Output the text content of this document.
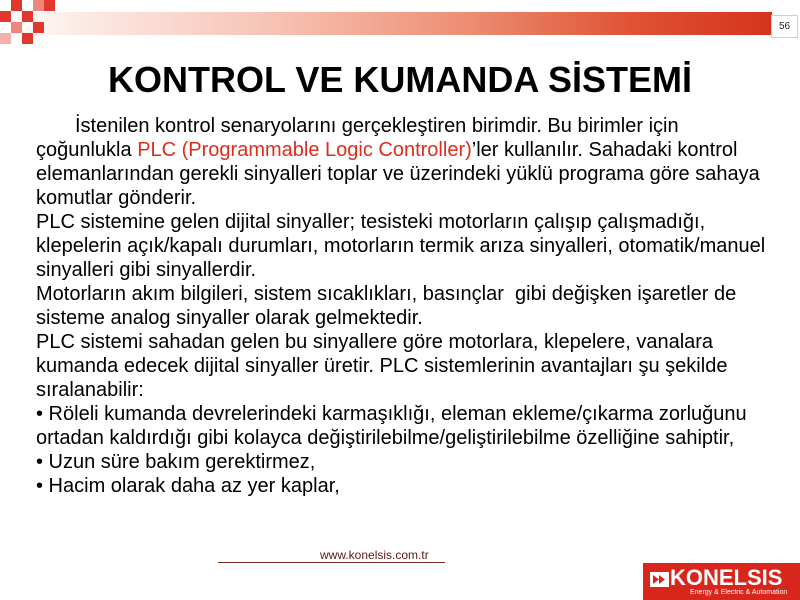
56
KONTROL VE KUMANDA SİSTEMİ
İstenilen kontrol senaryolarını gerçekleştiren birimdir. Bu birimler için
çoğunlukla PLC (Programmable Logic Controller)’ler kullanılır. Sahadaki kontrol
elemanlarından gerekli sinyalleri toplar ve üzerindeki yüklü programa göre sahaya
komutlar gönderir.
PLC sistemine gelen dijital sinyaller; tesisteki motorların çalışıp çalışmadığı,
klepelerin açık/kapalı durumları, motorların termik arıza sinyalleri, otomatik/manuel
sinyalleri gibi sinyallerdir.
Motorların akım bilgileri, sistem sıcaklıkları, basınçlar  gibi değişken işaretler de
sisteme analog sinyaller olarak gelmektedir.
PLC sistemi sahadan gelen bu sinyallere göre motorlara, klepelere, vanalara
kumanda edecek dijital sinyaller üretir. PLC sistemlerinin avantajları şu şekilde
sıralanabilir:
• Röleli kumanda devrelerindeki karmaşıklığı, eleman ekleme/çıkarma zorluğunu
ortadan kaldırdığı gibi kolayca değiştirilebilme/geliştirilebilme özelliğine sahiptir,
• Uzun süre bakım gerektirmez,
• Hacim olarak daha az yer kaplar,
www.konelsis.com.tr
KONELSIS
Energy & Electric & Automation
